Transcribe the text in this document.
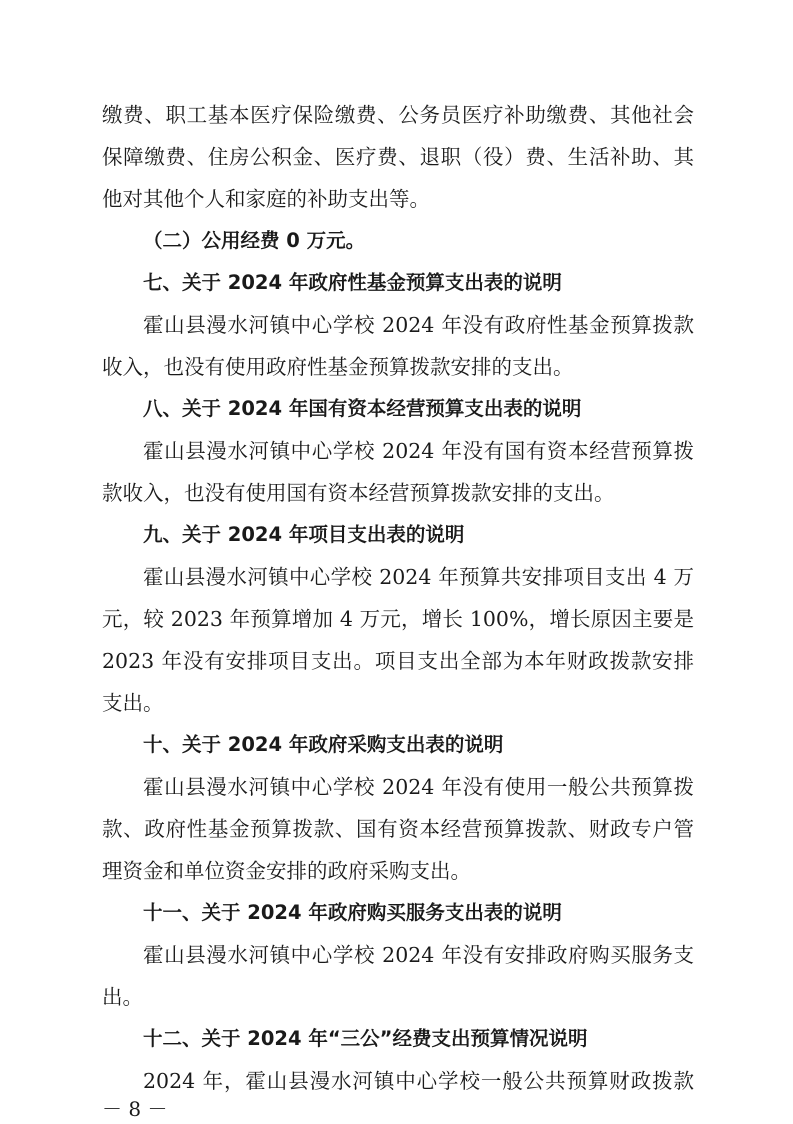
缴费、职工基本医疗保险缴费、公务员医疗补助缴费、其他社会
保障缴费、住房公积金、医疗费、退职（役）费、生活补助、其
他对其他个人和家庭的补助支出等。
（二）公用经费 0 万元。
七、关于 2024 年政府性基金预算支出表的说明
霍山县漫水河镇中心学校 2024 年没有政府性基金预算拨款
收入，也没有使用政府性基金预算拨款安排的支出。
八、关于 2024 年国有资本经营预算支出表的说明
霍山县漫水河镇中心学校 2024 年没有国有资本经营预算拨
款收入，也没有使用国有资本经营预算拨款安排的支出。
九、关于 2024 年项目支出表的说明
霍山县漫水河镇中心学校 2024 年预算共安排项目支出 4 万
元，较 2023 年预算增加 4 万元，增长 100%，增长原因主要是
2023 年没有安排项目支出。项目支出全部为本年财政拨款安排
支出。
十、关于 2024 年政府采购支出表的说明
霍山县漫水河镇中心学校 2024 年没有使用一般公共预算拨
款、政府性基金预算拨款、国有资本经营预算拨款、财政专户管
理资金和单位资金安排的政府采购支出。
十一、关于 2024 年政府购买服务支出表的说明
霍山县漫水河镇中心学校 2024 年没有安排政府购买服务支
出。
十二、关于 2024 年“三公”经费支出预算情况说明
2024 年，霍山县漫水河镇中心学校一般公共预算财政拨款
－ 8 －
